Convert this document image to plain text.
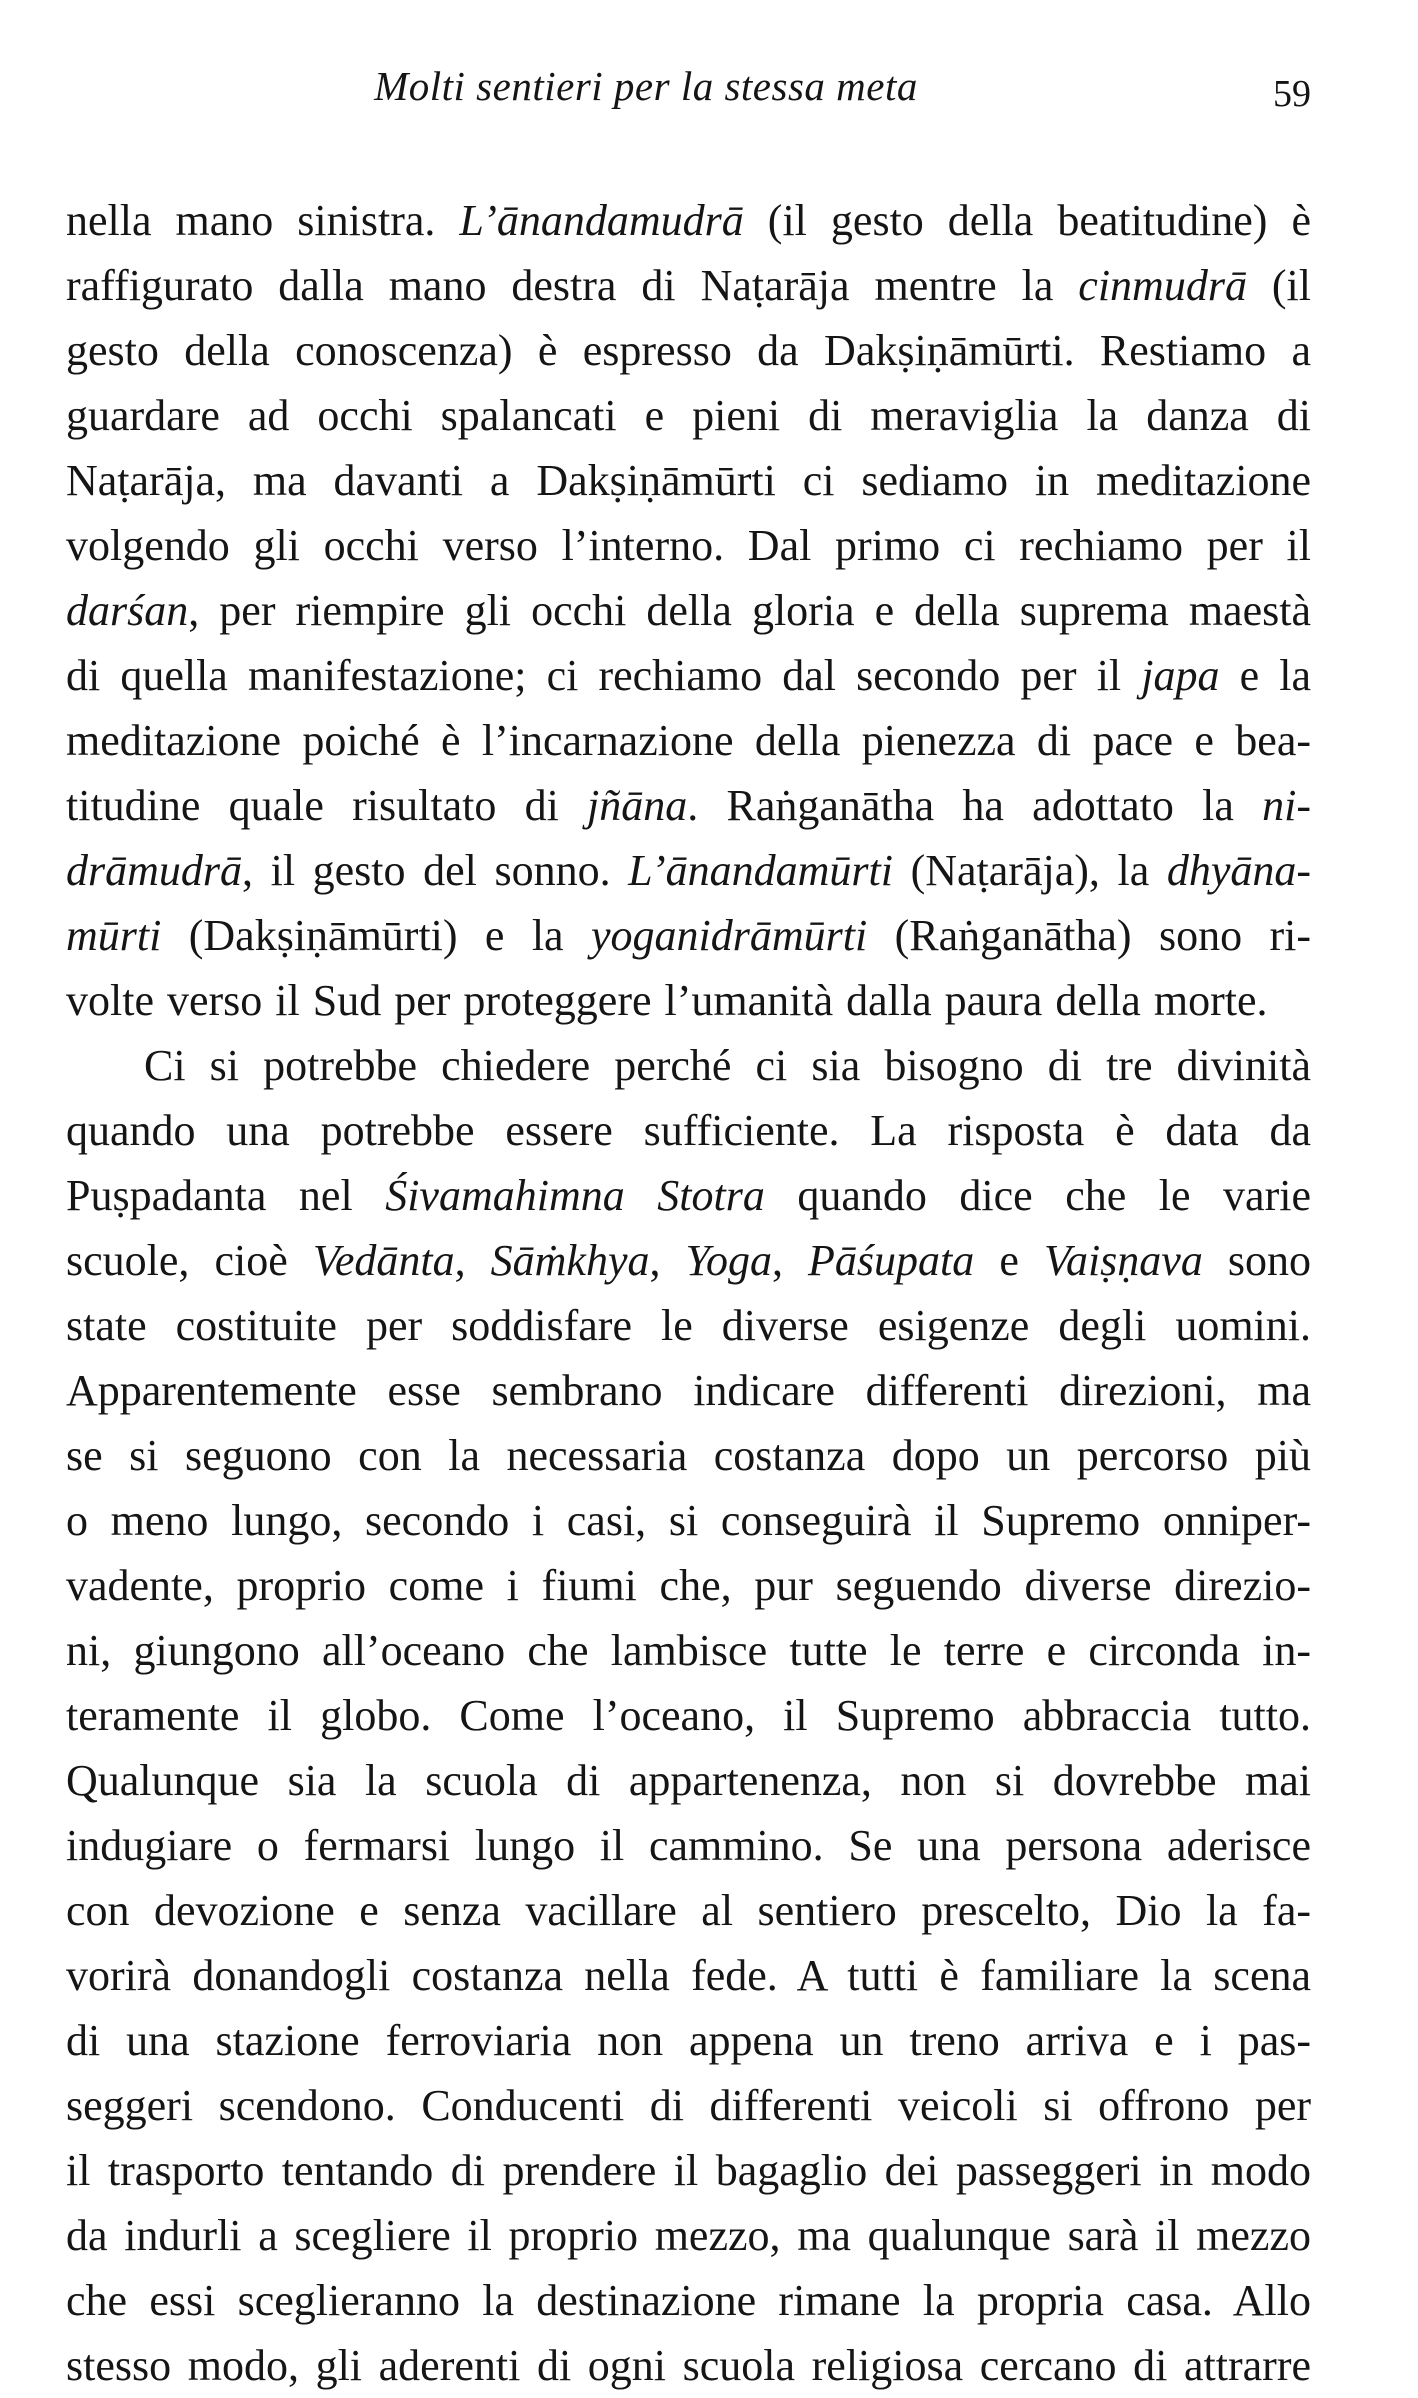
Molti sentieri per la stessa meta	59
nella mano sinistra. L’ānandamudrā (il gesto della beatitudine) è
raffigurato dalla mano destra di Naṭarāja mentre la cinmudrā (il
gesto della conoscenza) è espresso da Dakṣiṇāmūrti. Restiamo a
guardare ad occhi spalancati e pieni di meraviglia la danza di
Naṭarāja, ma davanti a Dakṣiṇāmūrti ci sediamo in meditazione
volgendo gli occhi verso l’interno. Dal primo ci rechiamo per il
darśan, per riempire gli occhi della gloria e della suprema maestà
di quella manifestazione; ci rechiamo dal secondo per il japa e la
meditazione poiché è l’incarnazione della pienezza di pace e bea-
titudine quale risultato di jñāna. Raṅganātha ha adottato la ni-
drāmudrā, il gesto del sonno. L’ānandamūrti (Naṭarāja), la dhyāna-
mūrti (Dakṣiṇāmūrti) e la yoganidrāmūrti (Raṅganātha) sono ri-
volte verso il Sud per proteggere l’umanità dalla paura della morte.
Ci si potrebbe chiedere perché ci sia bisogno di tre divinità
quando una potrebbe essere sufficiente. La risposta è data da
Puṣpadanta nel Śivamahimna Stotra quando dice che le varie
scuole, cioè Vedānta, Sāṁkhya, Yoga, Pāśupata e Vaiṣṇava sono
state costituite per soddisfare le diverse esigenze degli uomini.
Apparentemente esse sembrano indicare differenti direzioni, ma
se si seguono con la necessaria costanza dopo un percorso più
o meno lungo, secondo i casi, si conseguirà il Supremo onniper-
vadente, proprio come i fiumi che, pur seguendo diverse direzio-
ni, giungono all’oceano che lambisce tutte le terre e circonda in-
teramente il globo. Come l’oceano, il Supremo abbraccia tutto.
Qualunque sia la scuola di appartenenza, non si dovrebbe mai
indugiare o fermarsi lungo il cammino. Se una persona aderisce
con devozione e senza vacillare al sentiero prescelto, Dio la fa-
vorirà donandogli costanza nella fede. A tutti è familiare la scena
di una stazione ferroviaria non appena un treno arriva e i pas-
seggeri scendono. Conducenti di differenti veicoli si offrono per
il trasporto tentando di prendere il bagaglio dei passeggeri in modo
da indurli a scegliere il proprio mezzo, ma qualunque sarà il mezzo
che essi sceglieranno la destinazione rimane la propria casa. Allo
stesso modo, gli aderenti di ogni scuola religiosa cercano di attrarre
